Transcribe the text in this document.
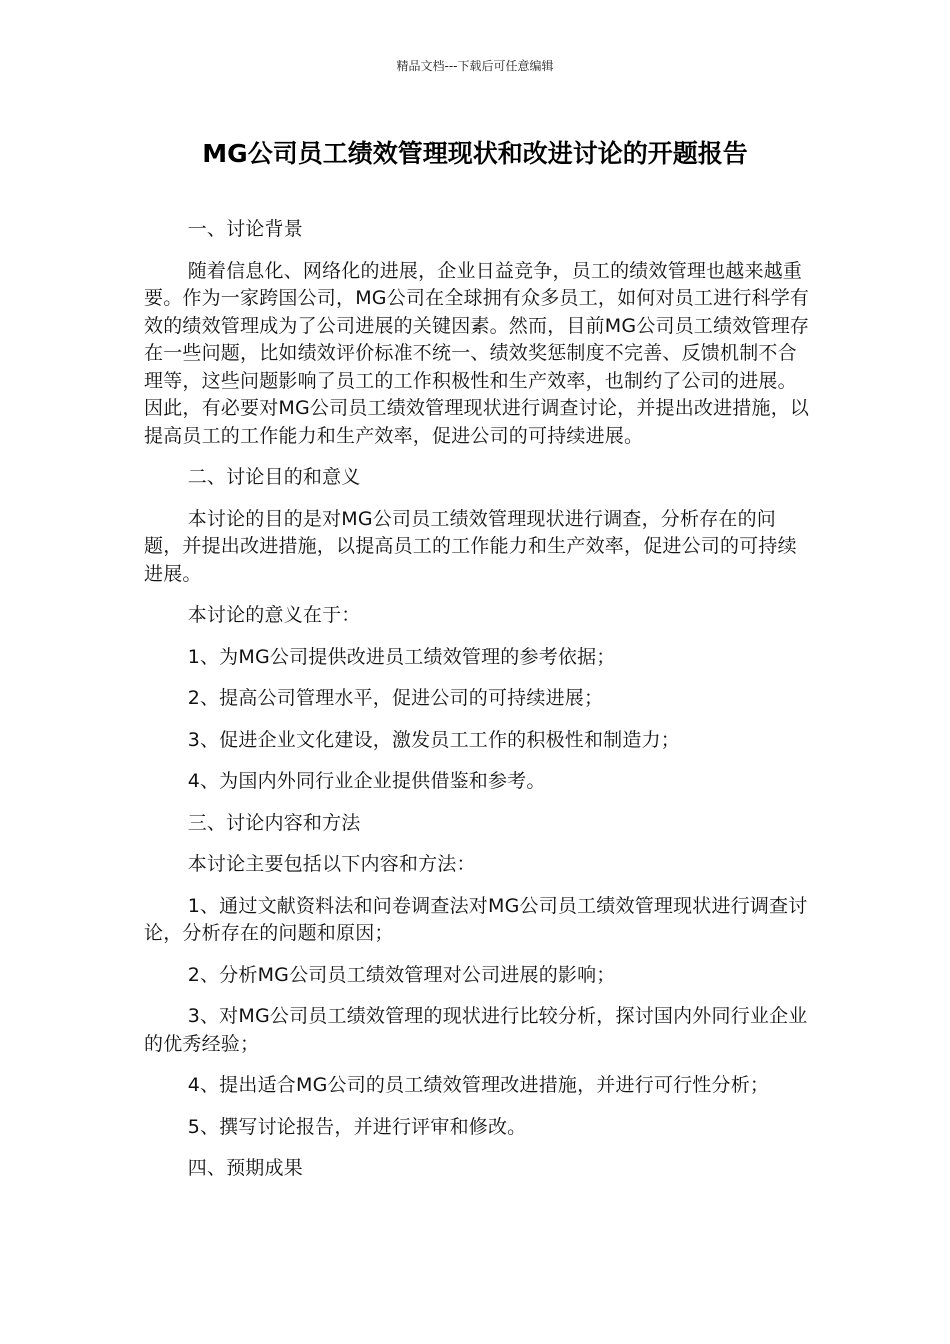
精品文档---下载后可任意编辑
MG公司员工绩效管理现状和改进讨论的开题报告

一、讨论背景

随着信息化、网络化的进展，企业日益竞争，员工的绩效管理也越来越重要。作为一家跨国公司，MG公司在全球拥有众多员工，如何对员工进行科学有效的绩效管理成为了公司进展的关键因素。然而，目前MG公司员工绩效管理存在一些问题，比如绩效评价标准不统一、绩效奖惩制度不完善、反馈机制不合理等，这些问题影响了员工的工作积极性和生产效率，也制约了公司的进展。因此，有必要对MG公司员工绩效管理现状进行调查讨论，并提出改进措施，以提高员工的工作能力和生产效率，促进公司的可持续进展。

二、讨论目的和意义

本讨论的目的是对MG公司员工绩效管理现状进行调查，分析存在的问题，并提出改进措施，以提高员工的工作能力和生产效率，促进公司的可持续进展。

本讨论的意义在于：

1、为MG公司提供改进员工绩效管理的参考依据；

2、提高公司管理水平，促进公司的可持续进展；

3、促进企业文化建设，激发员工工作的积极性和制造力；

4、为国内外同行业企业提供借鉴和参考。

三、讨论内容和方法

本讨论主要包括以下内容和方法：

1、通过文献资料法和问卷调查法对MG公司员工绩效管理现状进行调查讨论，分析存在的问题和原因；

2、分析MG公司员工绩效管理对公司进展的影响；

3、对MG公司员工绩效管理的现状进行比较分析，探讨国内外同行业企业的优秀经验；

4、提出适合MG公司的员工绩效管理改进措施，并进行可行性分析；

5、撰写讨论报告，并进行评审和修改。

四、预期成果
